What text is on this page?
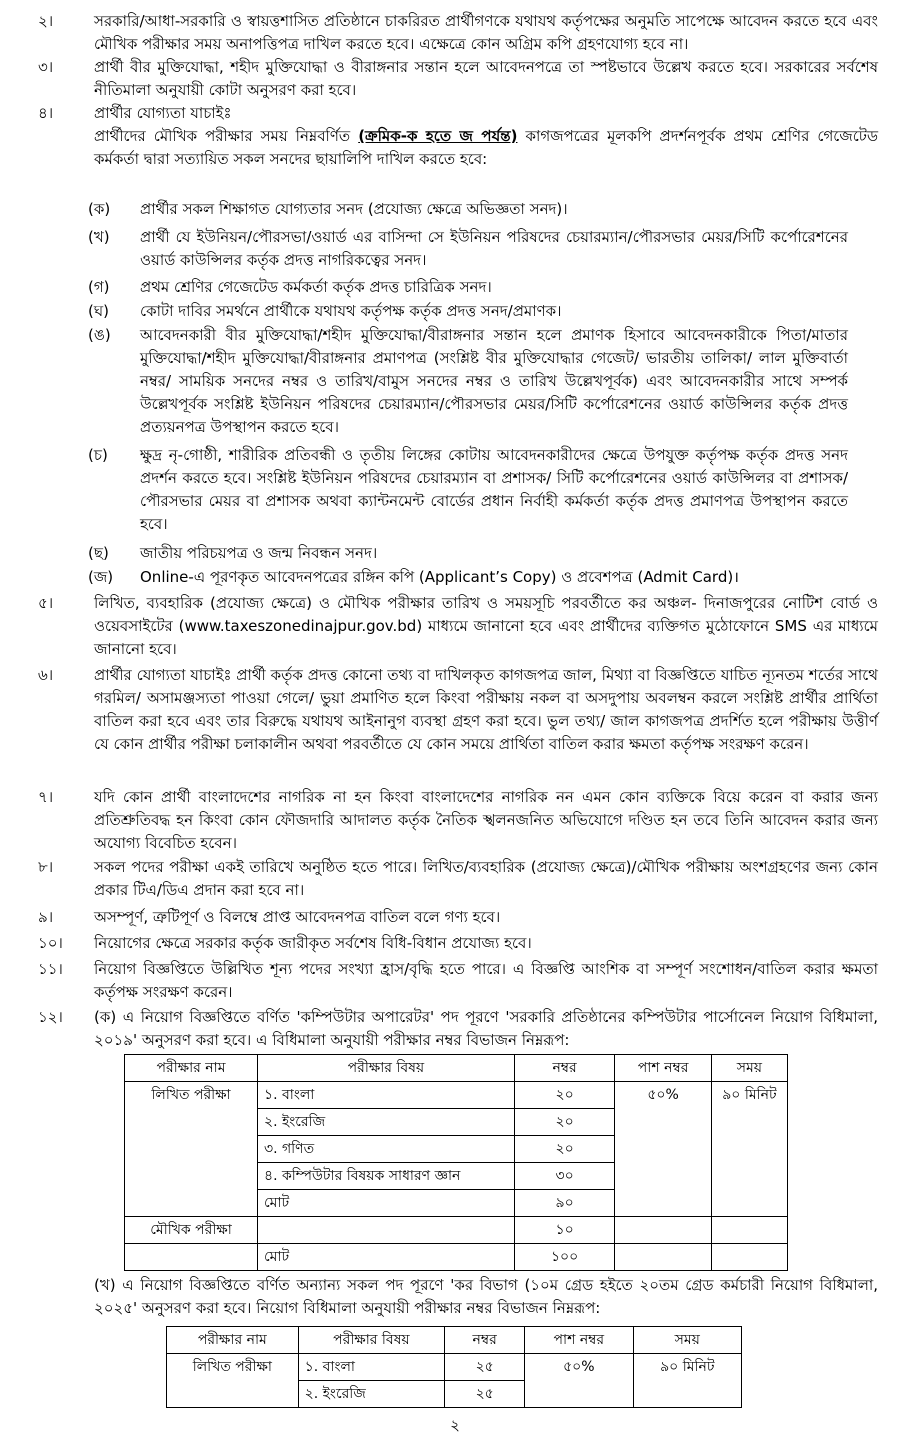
২।	সরকারি/আধা-সরকারি ও স্বায়ত্তশাসিত প্রতিষ্ঠানে চাকরিরত প্রার্থীগণকে যথাযথ কর্তৃপক্ষের অনুমতি সাপেক্ষে আবেদন করতে হবে এবং মৌখিক পরীক্ষার সময় অনাপত্তিপত্র দাখিল করতে হবে। এক্ষেত্রে কোন অগ্রিম কপি গ্রহণযোগ্য হবে না।
৩।	প্রার্থী বীর মুক্তিযোদ্ধা, শহীদ মুক্তিযোদ্ধা ও বীরাঙ্গনার সন্তান হলে আবেদনপত্রে তা স্পষ্টভাবে উল্লেখ করতে হবে। সরকারের সর্বশেষ নীতিমালা অনুযায়ী কোটা অনুসরণ করা হবে।
৪।	প্রার্থীর যোগ্যতা যাচাইঃ
প্রার্থীদের মৌখিক পরীক্ষার সময় নিম্নবর্ণিত (ক্রমিক-ক হতে জ পর্যন্ত) কাগজপত্রের মূলকপি প্রদর্শনপূর্বক প্রথম শ্রেণির গেজেটেড কর্মকর্তা দ্বারা সত্যায়িত সকল সনদের ছায়ালিপি দাখিল করতে হবে:
(ক)	প্রার্থীর সকল শিক্ষাগত যোগ্যতার সনদ (প্রযোজ্য ক্ষেত্রে অভিজ্ঞতা সনদ)।
(খ)	প্রার্থী যে ইউনিয়ন/পৌরসভা/ওয়ার্ড এর বাসিন্দা সে ইউনিয়ন পরিষদের চেয়ারম্যান/পৌরসভার মেয়র/সিটি কর্পোরেশনের ওয়ার্ড কাউন্সিলর কর্তৃক প্রদত্ত নাগরিকত্বের সনদ।
(গ)	প্রথম শ্রেণির গেজেটেড কর্মকর্তা কর্তৃক প্রদত্ত চারিত্রিক সনদ।
(ঘ)	কোটা দাবির সমর্থনে প্রার্থীকে যথাযথ কর্তৃপক্ষ কর্তৃক প্রদত্ত সনদ/প্রমাণক।
(ঙ)	আবেদনকারী বীর মুক্তিযোদ্ধা/শহীদ মুক্তিযোদ্ধা/বীরাঙ্গনার সন্তান হলে প্রমাণক হিসাবে আবেদনকারীকে পিতা/মাতার মুক্তিযোদ্ধা/শহীদ মুক্তিযোদ্ধা/বীরাঙ্গনার প্রমাণপত্র (সংশ্লিষ্ট বীর মুক্তিযোদ্ধার গেজেট/ ভারতীয় তালিকা/ লাল মুক্তিবার্তা নম্বর/ সাময়িক সনদের নম্বর ও তারিখ/বামুস সনদের নম্বর ও তারিখ উল্লেখপূর্বক) এবং আবেদনকারীর সাথে সম্পর্ক উল্লেখপূর্বক সংশ্লিষ্ট ইউনিয়ন পরিষদের চেয়ারম্যান/পৌরসভার মেয়র/সিটি কর্পোরেশনের ওয়ার্ড কাউন্সিলর কর্তৃক প্রদত্ত প্রত্যয়নপত্র উপস্থাপন করতে হবে।
(চ)	ক্ষুদ্র নৃ-গোষ্ঠী, শারীরিক প্রতিবন্ধী ও তৃতীয় লিঙ্গের কোটায় আবেদনকারীদের ক্ষেত্রে উপযুক্ত কর্তৃপক্ষ কর্তৃক প্রদত্ত সনদ প্রদর্শন করতে হবে। সংশ্লিষ্ট ইউনিয়ন পরিষদের চেয়ারম্যান বা প্রশাসক/ সিটি কর্পোরেশনের ওয়ার্ড কাউন্সিলর বা প্রশাসক/ পৌরসভার মেয়র বা প্রশাসক অথবা ক্যান্টনমেন্ট বোর্ডের প্রধান নির্বাহী কর্মকর্তা কর্তৃক প্রদত্ত প্রমাণপত্র উপস্থাপন করতে হবে।
(ছ)	জাতীয় পরিচয়পত্র ও জন্ম নিবন্ধন সনদ।
(জ)	Online-এ পূরণকৃত আবেদনপত্রের রঙ্গিন কপি (Applicant’s Copy) ও প্রবেশপত্র (Admit Card)।
৫।	লিখিত, ব্যবহারিক (প্রযোজ্য ক্ষেত্রে) ও মৌখিক পরীক্ষার তারিখ ও সময়সূচি পরবর্তীতে কর অঞ্চল- দিনাজপুরের নোটিশ বোর্ড ও ওয়েবসাইটের (www.taxeszonedinajpur.gov.bd) মাধ্যমে জানানো হবে এবং প্রার্থীদের ব্যক্তিগত মুঠোফোনে SMS এর মাধ্যমে জানানো হবে।
৬।	প্রার্থীর যোগ্যতা যাচাইঃ প্রার্থী কর্তৃক প্রদত্ত কোনো তথ্য বা দাখিলকৃত কাগজপত্র জাল, মিথ্যা বা বিজ্ঞপ্তিতে যাচিত ন্যূনতম শর্তের সাথে গরমিল/ অসামঞ্জস্যতা পাওয়া গেলে/ ভুয়া প্রমাণিত হলে কিংবা পরীক্ষায় নকল বা অসদুপায় অবলম্বন করলে সংশ্লিষ্ট প্রার্থীর প্রার্থিতা বাতিল করা হবে এবং তার বিরুদ্ধে যথাযথ আইনানুগ ব্যবস্থা গ্রহণ করা হবে। ভুল তথ্য/ জাল কাগজপত্র প্রদর্শিত হলে পরীক্ষায় উত্তীর্ণ যে কোন প্রার্থীর পরীক্ষা চলাকালীন অথবা পরবর্তীতে যে কোন সময়ে প্রার্থিতা বাতিল করার ক্ষমতা কর্তৃপক্ষ সংরক্ষণ করেন।
৭।	যদি কোন প্রার্থী বাংলাদেশের নাগরিক না হন কিংবা বাংলাদেশের নাগরিক নন এমন কোন ব্যক্তিকে বিয়ে করেন বা করার জন্য প্রতিশ্রুতিবদ্ধ হন কিংবা কোন ফৌজদারি আদালত কর্তৃক নৈতিক স্খলনজনিত অভিযোগে দণ্ডিত হন তবে তিনি আবেদন করার জন্য অযোগ্য বিবেচিত হবেন।
৮।	সকল পদের পরীক্ষা একই তারিখে অনুষ্ঠিত হতে পারে। লিখিত/ব্যবহারিক (প্রযোজ্য ক্ষেত্রে)/মৌখিক পরীক্ষায় অংশগ্রহণের জন্য কোন প্রকার টিএ/ডিএ প্রদান করা হবে না।
৯।	অসম্পূর্ণ, ত্রুটিপূর্ণ ও বিলম্বে প্রাপ্ত আবেদনপত্র বাতিল বলে গণ্য হবে।
১০।	নিয়োগের ক্ষেত্রে সরকার কর্তৃক জারীকৃত সর্বশেষ বিধি-বিধান প্রযোজ্য হবে।
১১।	নিয়োগ বিজ্ঞপ্তিতে উল্লিখিত শূন্য পদের সংখ্যা হ্রাস/বৃদ্ধি হতে পারে। এ বিজ্ঞপ্তি আংশিক বা সম্পূর্ণ সংশোধন/বাতিল করার ক্ষমতা কর্তৃপক্ষ সংরক্ষণ করেন।
১২।	(ক) এ নিয়োগ বিজ্ঞপ্তিতে বর্ণিত 'কম্পিউটার অপারেটর' পদ পূরণে 'সরকারি প্রতিষ্ঠানের কম্পিউটার পার্সোনেল নিয়োগ বিধিমালা, ২০১৯' অনুসরণ করা হবে। এ বিধিমালা অনুযায়ী পরীক্ষার নম্বর বিভাজন নিম্নরূপ:
পরীক্ষার নাম	পরীক্ষার বিষয়	নম্বর	পাশ নম্বর	সময়
লিখিত পরীক্ষা	১. বাংলা	২০	৫০%	৯০ মিনিট
	২. ইংরেজি	২০		
	৩. গণিত	২০		
	৪. কম্পিউটার বিষয়ক সাধারণ জ্ঞান	৩০		
	মোট	৯০		
মৌখিক পরীক্ষা		১০		
	মোট	১০০		
(খ) এ নিয়োগ বিজ্ঞপ্তিতে বর্ণিত অন্যান্য সকল পদ পূরণে 'কর বিভাগ (১০ম গ্রেড হইতে ২০তম গ্রেড কর্মচারী নিয়োগ বিধিমালা, ২০২৫' অনুসরণ করা হবে। নিয়োগ বিধিমালা অনুযায়ী পরীক্ষার নম্বর বিভাজন নিম্নরূপ:
পরীক্ষার নাম	পরীক্ষার বিষয়	নম্বর	পাশ নম্বর	সময়
লিখিত পরীক্ষা	১. বাংলা	২৫	৫০%	৯০ মিনিট
	২. ইংরেজি	২৫		
২
